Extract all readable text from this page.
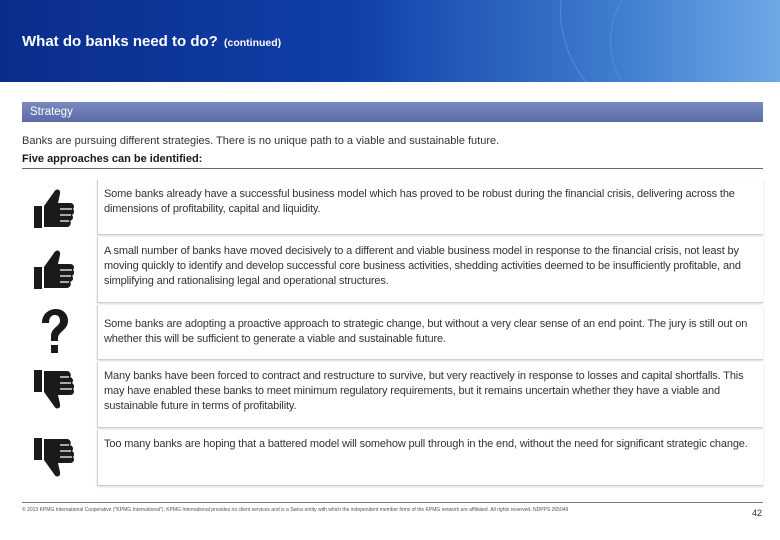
What do banks need to do? (continued)
Strategy
Banks are pursuing different strategies. There is no unique path to a viable and sustainable future.
Five approaches can be identified:
Some banks already have a successful business model which has proved to be robust during the financial crisis, delivering across the dimensions of profitability, capital and liquidity.
A small number of banks have moved decisively to a different and viable business model in response to the financial crisis, not least by moving quickly to identify and develop successful core business activities, shedding activities deemed to be insufficiently profitable, and simplifying and rationalising legal and operational structures.
Some banks are adopting a proactive approach to strategic change, but without a very clear sense of an end point. The jury is still out on whether this will be sufficient to generate a viable and sustainable future.
Many banks have been forced to contract and restructure to survive, but very reactively in response to losses and capital shortfalls. This may have enabled these banks to meet minimum regulatory requirements, but it remains uncertain whether they have a viable and sustainable future in terms of profitability.
Too many banks are hoping that a battered model will somehow pull through in the end, without the need for significant strategic change.
© 2013 KPMG International Cooperative ("KPMG International"). KPMG International provides no client services and is a Swiss entity with which the independent member firms of the KPMG network are affiliated. All rights reserved. NDPPS 265049	42
